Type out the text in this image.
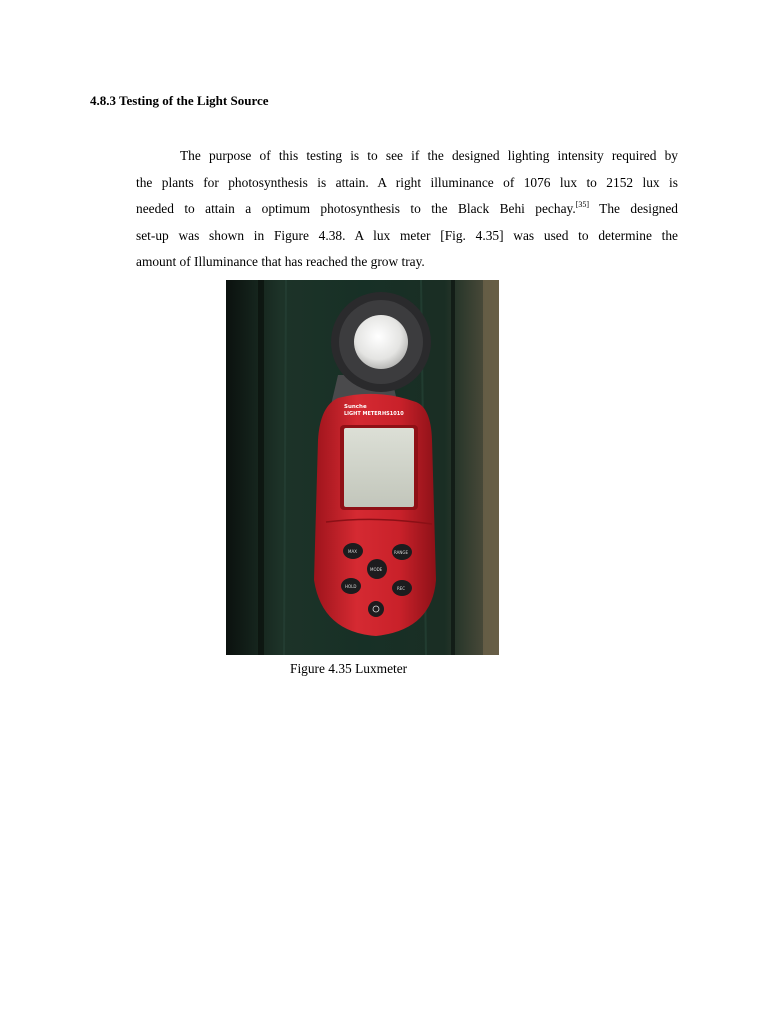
4.8.3 Testing of the Light Source
The purpose of this testing is to see if the designed lighting intensity required by
the plants for photosynthesis is attain. A right illuminance of 1076 lux to 2152 lux is
needed to attain a optimum photosynthesis to the Black Behi pechay.[35] The designed
set-up was shown in Figure 4.38. A lux meter [Fig. 4.35] was used to determine the
amount of Illuminance that has reached the grow tray.
Sunche
LIGHT METER HS1010
MAX	RANGE
MODE
HOLD	REC
Figure 4.35 Luxmeter
